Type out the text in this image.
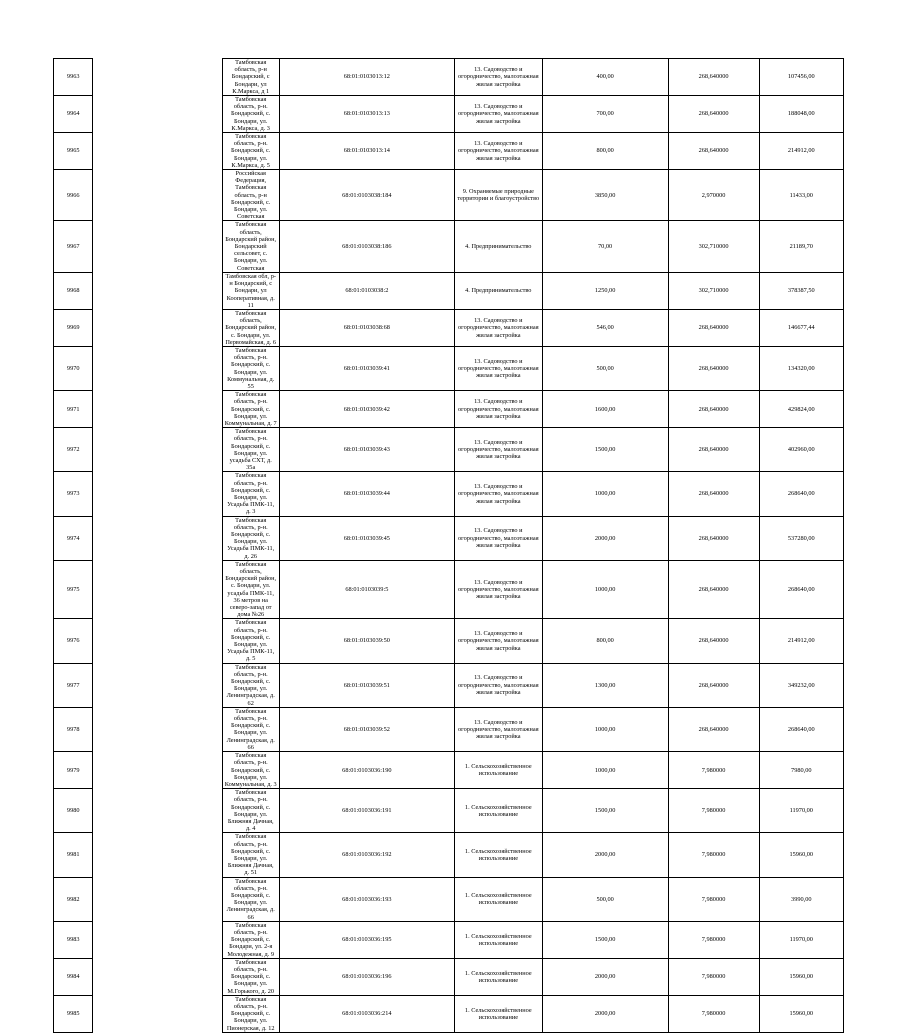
9963		Тамбовская область, р-н Бондарский, с Бондари, ул К.Маркса, д 1	68:01:0103013:12	13. Садоводство и огородничество, малоэтажная жилая застройка	400,00	268,640000	107456,00
9964		Тамбовская область, р-н. Бондарский, с. Бондари, ул. К.Маркса, д. 3	68:01:0103013:13	13. Садоводство и огородничество, малоэтажная жилая застройка	700,00	268,640000	188048,00
9965		Тамбовская область, р-н. Бондарский, с. Бондари, ул. К.Маркса, д. 5	68:01:0103013:14	13. Садоводство и огородничество, малоэтажная жилая застройка	800,00	268,640000	214912,00
9966		Российская Федерация, Тамбовская область, р-н Бондарский, с. Бондари, ул. Советская	68:01:0103038:184	9. Охраняемые природные территории и благоустройство	3850,00	2,970000	11433,00
9967		Тамбовская область, Бондарский район, Бондарский сельсовет, с. Бондари, ул. Советская	68:01:0103038:186	4. Предпринимательство	70,00	302,710000	21189,70
9968		Тамбовская обл, р-н Бондарский, с Бондари, ул Кооперативная, д. 11	68:01:0103038:2	4. Предпринимательство	1250,00	302,710000	378387,50
9969		Тамбовская область, Бондарский район, с. Бондари, ул. Первомайская, д. 6	68:01:0103038:68	13. Садоводство и огородничество, малоэтажная жилая застройка	546,00	268,640000	146677,44
9970		Тамбовская область, р-н. Бондарский, с. Бондари, ул. Коммунальная, д. 55	68:01:0103039:41	13. Садоводство и огородничество, малоэтажная жилая застройка	500,00	268,640000	134320,00
9971		Тамбовская область, р-н. Бондарский, с. Бондари, ул. Коммунальная, д. 7	68:01:0103039:42	13. Садоводство и огородничество, малоэтажная жилая застройка	1600,00	268,640000	429824,00
9972		Тамбовская область, р-н. Бондарский, с. Бондари, ул. усадьба СХТ, д. 35а	68:01:0103039:43	13. Садоводство и огородничество, малоэтажная жилая застройка	1500,00	268,640000	402960,00
9973		Тамбовская область, р-н. Бондарский, с. Бондари, ул. Усадьба ПМК-11, д. 3	68:01:0103039:44	13. Садоводство и огородничество, малоэтажная жилая застройка	1000,00	268,640000	268640,00
9974		Тамбовская область, р-н. Бондарский, с. Бондари, ул. Усадьба ПМК-11, д. 26	68:01:0103039:45	13. Садоводство и огородничество, малоэтажная жилая застройка	2000,00	268,640000	537280,00
9975		Тамбовская область, Бондарский район, с. Бондари, ул. усадьба ПМК-11, 36 метров на северо-запад от дома №26	68:01:0103039:5	13. Садоводство и огородничество, малоэтажная жилая застройка	1000,00	268,640000	268640,00
9976		Тамбовская область, р-н. Бондарский, с. Бондари, ул. Усадьба ПМК-11, д. 5	68:01:0103039:50	13. Садоводство и огородничество, малоэтажная жилая застройка	800,00	268,640000	214912,00
9977		Тамбовская область, р-н. Бондарский, с. Бондари, ул. Ленинградская, д. 62	68:01:0103039:51	13. Садоводство и огородничество, малоэтажная жилая застройка	1300,00	268,640000	349232,00
9978		Тамбовская область, р-н. Бондарский, с. Бондари, ул. Ленинградская, д. 66	68:01:0103039:52	13. Садоводство и огородничество, малоэтажная жилая застройка	1000,00	268,640000	268640,00
9979		Тамбовская область, р-н. Бондарский, с. Бондари, ул. Коммунальная, д. 3	68:01:0103036:190	1. Сельскохозяйственное использование	1000,00	7,980000	7980,00
9980		Тамбовская область, р-н. Бондарский, с. Бондари, ул. Ближняя Дачная, д. 4	68:01:0103036:191	1. Сельскохозяйственное использование	1500,00	7,980000	11970,00
9981		Тамбовская область, р-н. Бондарский, с. Бондари, ул. Ближняя Дачная, д. 51	68:01:0103036:192	1. Сельскохозяйственное использование	2000,00	7,980000	15960,00
9982		Тамбовская область, р-н. Бондарский, с. Бондари, ул. Ленинградская, д. 66	68:01:0103036:193	1. Сельскохозяйственное использование	500,00	7,980000	3990,00
9983		Тамбовская область, р-н. Бондарский, с. Бондари, ул. 2-я Молодежная, д. 9	68:01:0103036:195	1. Сельскохозяйственное использование	1500,00	7,980000	11970,00
9984		Тамбовская область, р-н. Бондарский, с. Бондари, ул. М.Горького, д. 20	68:01:0103036:196	1. Сельскохозяйственное использование	2000,00	7,980000	15960,00
9985		Тамбовская область, р-н. Бондарский, с. Бондари, ул. Пионерская, д. 12	68:01:0103036:214	1. Сельскохозяйственное использование	2000,00	7,980000	15960,00
